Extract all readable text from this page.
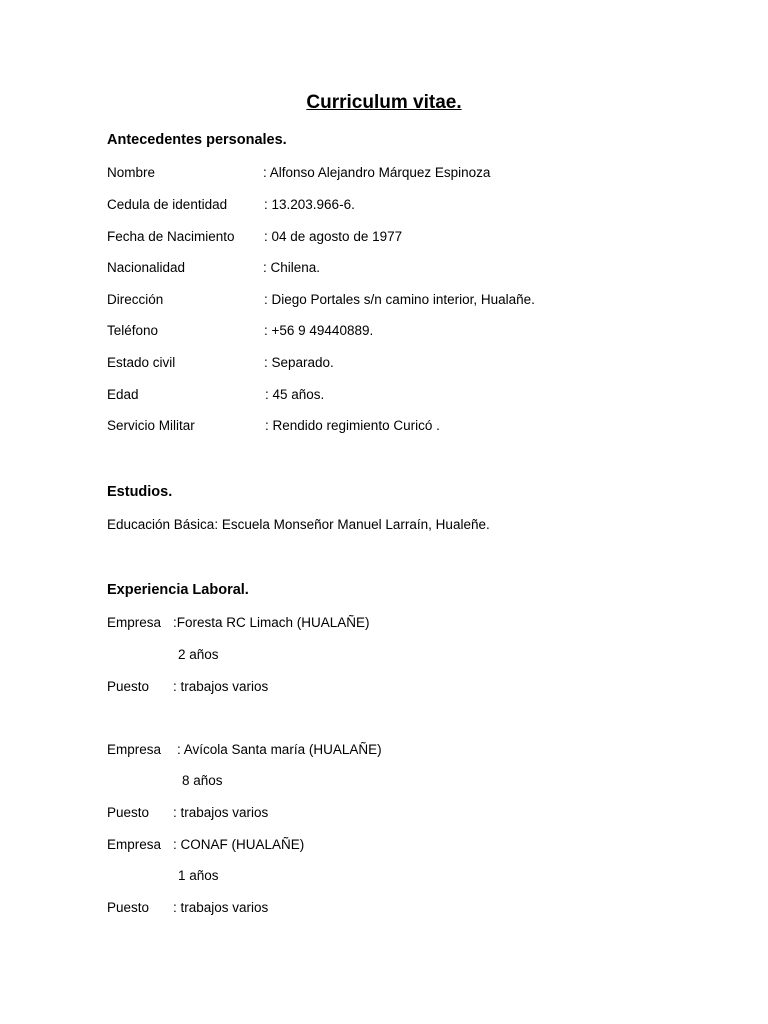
Curriculum vitae.
Antecedentes personales.
Nombre	: Alfonso Alejandro Márquez Espinoza
Cedula de identidad	: 13.203.966-6.
Fecha de Nacimiento : 04 de agosto de 1977
Nacionalidad	: Chilena.
Dirección	: Diego Portales s/n camino interior, Hualañe.
Teléfono	: +56 9 49440889.
Estado civil	: Separado.
Edad	: 45 años.
Servicio Militar	: Rendido regimiento Curicó .
Estudios.
Educación Básica: Escuela Monseñor Manuel Larraín, Hualeñe.
Experiencia Laboral.
Empresa :Foresta RC Limach (HUALAÑE)
2 años
Puesto : trabajos varios
Empresa : Avícola Santa maría (HUALAÑE)
8 años
Puesto : trabajos varios
Empresa : CONAF (HUALAÑE)
1 años
Puesto : trabajos varios
